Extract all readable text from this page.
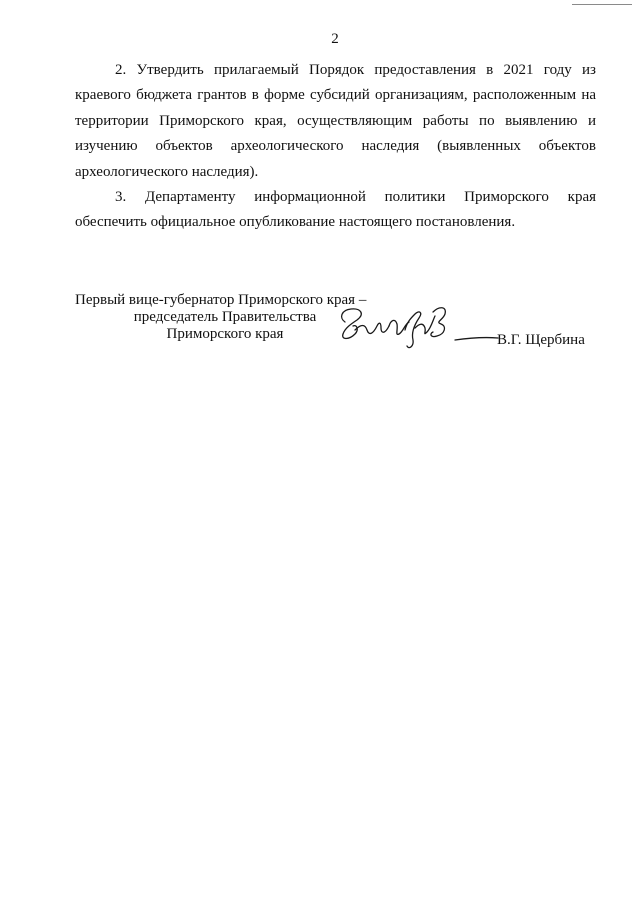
2

2. Утвердить прилагаемый Порядок предоставления в 2021 году из краевого бюджета грантов в форме субсидий организациям, расположенным на территории Приморского края, осуществляющим работы по выявлению и изучению объектов археологического наследия (выявленных объектов археологического наследия).

3. Департаменту информационной политики Приморского края обеспечить официальное опубликование настоящего постановления.

Первый вице-губернатор Приморского края –
председатель Правительства
Приморского края	В.Г. Щербина
